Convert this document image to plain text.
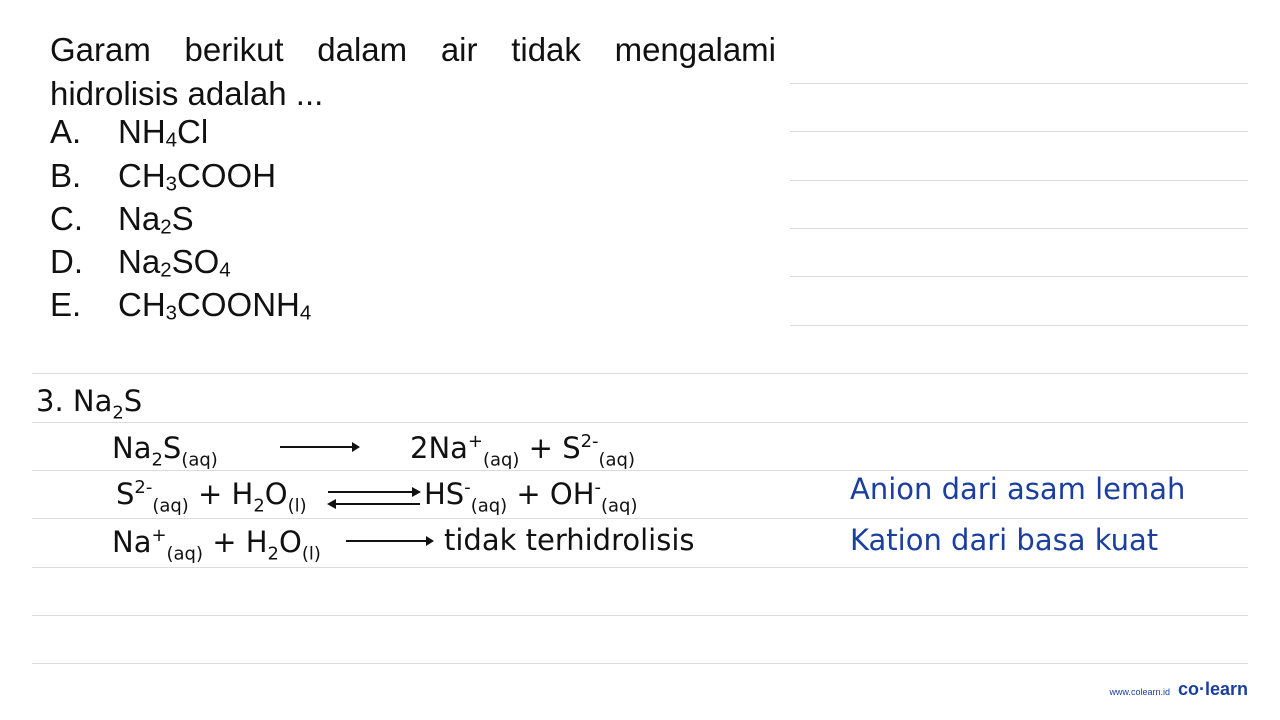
Garam berikut dalam air tidak mengalami hidrolisis adalah ...
A. $NH_4Cl$
B. $CH_3COOH$
C. $Na_2S$
D. $Na_2SO_4$
E. $CH_3COONH_4$
3. $Na_2S$
$Na_2S_{(aq)}$	$2Na^+_{(aq)} + S^{2-}_{(aq)}$
$S^{2-}_{(aq)} + H_2O_{(l)}$	$HS^-_{(aq)} + OH^-_{(aq)}$
$Na^+_{(aq)} + H_2O_{(l)}$	tidak terhidrolisis
Anion dari asam lemah
Kation dari basa kuat
www.colearn.id co·learn
